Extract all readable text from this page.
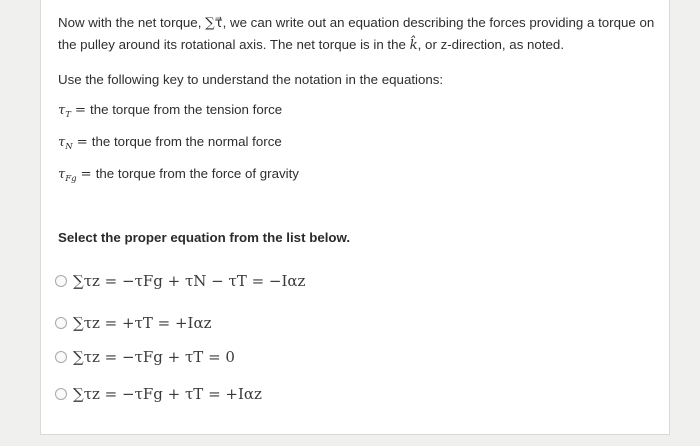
Now with the net torque, ∑τ⃗, we can write out an equation describing the forces providing a torque on the pulley around its rotational axis. The net torque is in the k̂, or z-direction, as noted.
Use the following key to understand the notation in the equations:
$\tau_T$ = the torque from the tension force
$\tau_N$ = the torque from the normal force
$\tau_{Fg}$ = the torque from the force of gravity
Select the proper equation from the list below.
∑τz = −τFg + τN − τT = −Iαz
∑τz = +τT = +Iαz
∑τz = −τFg + τT = 0
∑τz = −τFg + τT = +Iαz
